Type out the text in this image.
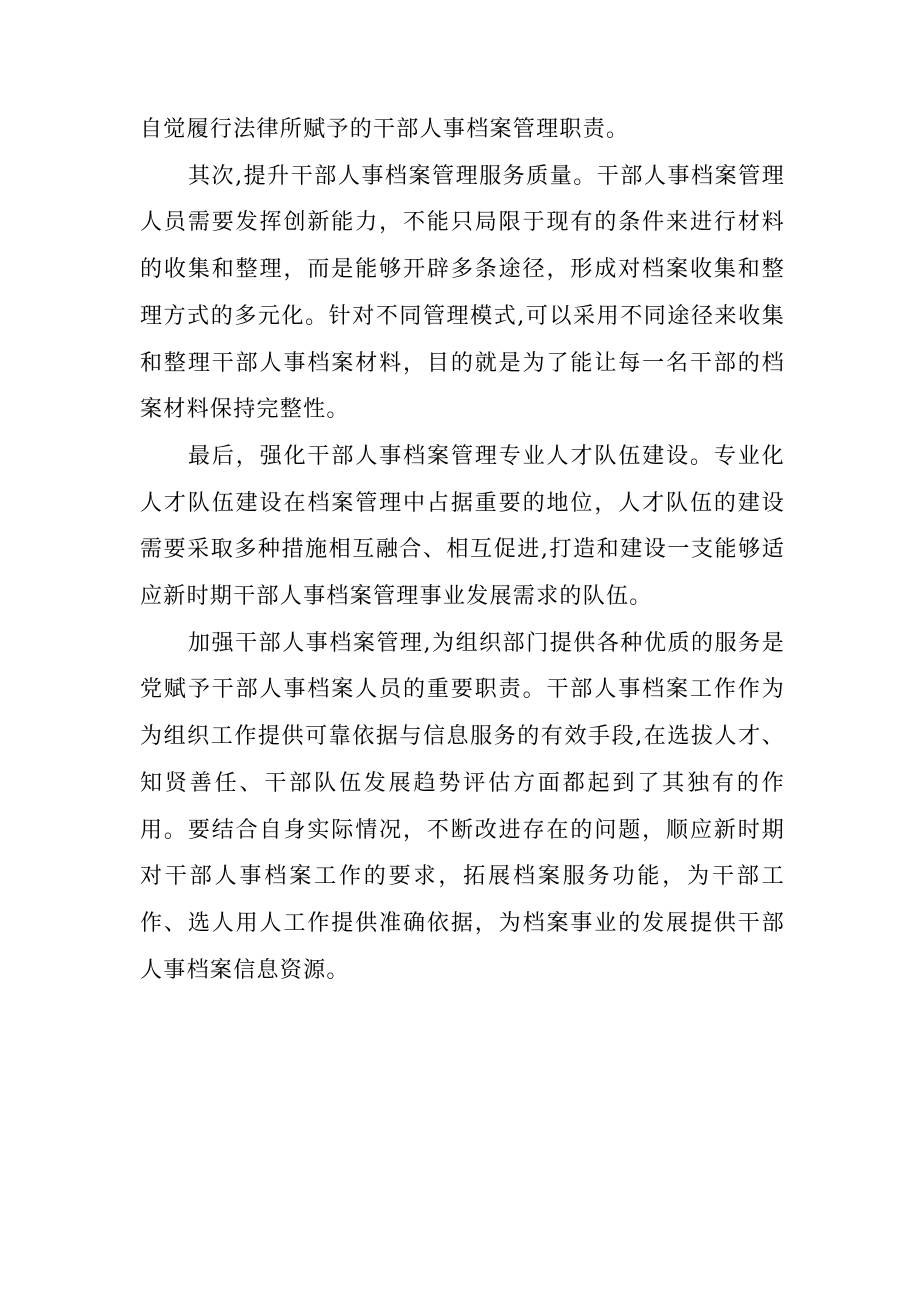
自觉履行法律所赋予的干部人事档案管理职责。

其次,提升干部人事档案管理服务质量。干部人事档案管理人员需要发挥创新能力，不能只局限于现有的条件来进行材料的收集和整理，而是能够开辟多条途径，形成对档案收集和整理方式的多元化。针对不同管理模式,可以采用不同途径来收集和整理干部人事档案材料，目的就是为了能让每一名干部的档案材料保持完整性。

最后，强化干部人事档案管理专业人才队伍建设。专业化人才队伍建设在档案管理中占据重要的地位，人才队伍的建设需要采取多种措施相互融合、相互促进,打造和建设一支能够适应新时期干部人事档案管理事业发展需求的队伍。

加强干部人事档案管理,为组织部门提供各种优质的服务是党赋予干部人事档案人员的重要职责。干部人事档案工作作为为组织工作提供可靠依据与信息服务的有效手段,在选拔人才、知贤善任、干部队伍发展趋势评估方面都起到了其独有的作用。要结合自身实际情况，不断改进存在的问题，顺应新时期对干部人事档案工作的要求，拓展档案服务功能，为干部工作、选人用人工作提供准确依据，为档案事业的发展提供干部人事档案信息资源。
